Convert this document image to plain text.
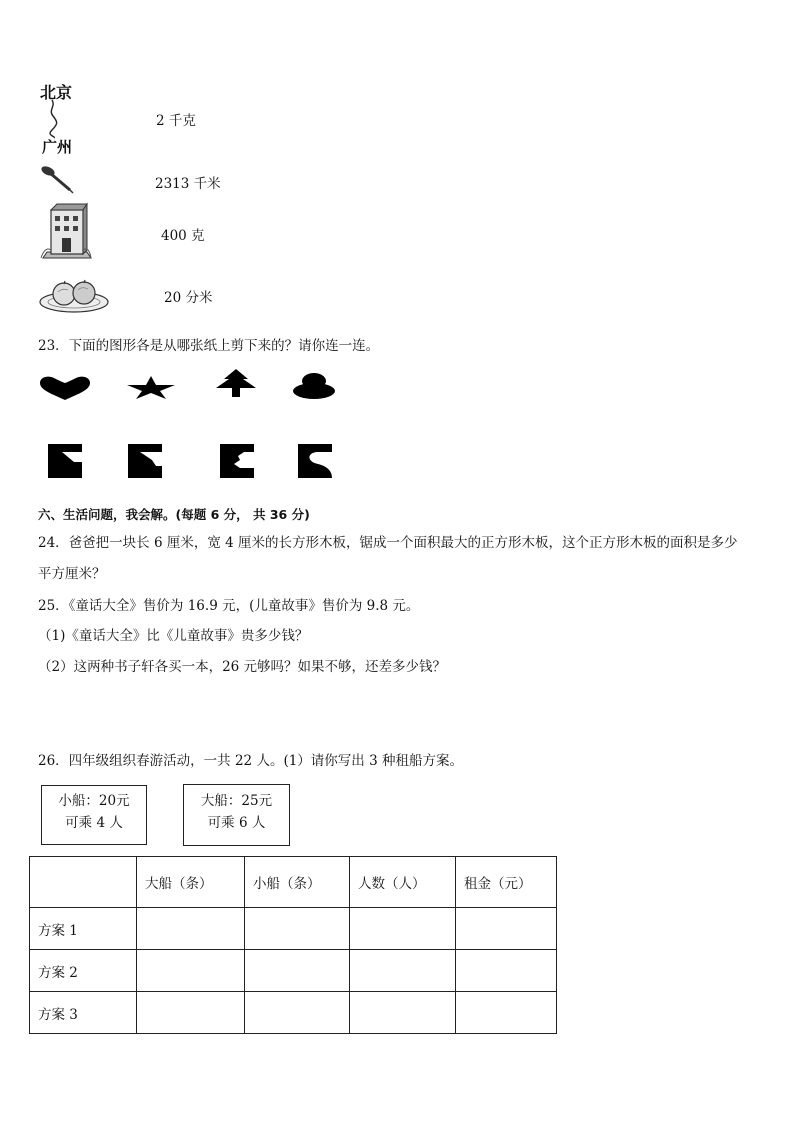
北京
广州
2 千克
2313 千米
400 克
20 分米
23．下面的图形各是从哪张纸上剪下来的？请你连一连。
六、生活问题，我会解。(每题 6 分， 共 36 分)
24．爸爸把一块长 6 厘米，宽 4 厘米的长方形木板，锯成一个面积最大的正方形木板，这个正方形木板的面积是多少
平方厘米？
25．《童话大全》售价为 16.9 元，(儿童故事》售价为 9.8 元。
（1)《童话大全》比《儿童故事》贵多少钱？
（2）这两种书子轩各买一本，26 元够吗？如果不够，还差多少钱？
26．四年级组织春游活动，一共 22 人。(1）请你写出 3 种租船方案。
小船：20元
可乘 4 人
大船：25元
可乘 6 人
	大船（条）	小船（条）	人数（人）	租金（元）
方案 1				
方案 2				
方案 3				
